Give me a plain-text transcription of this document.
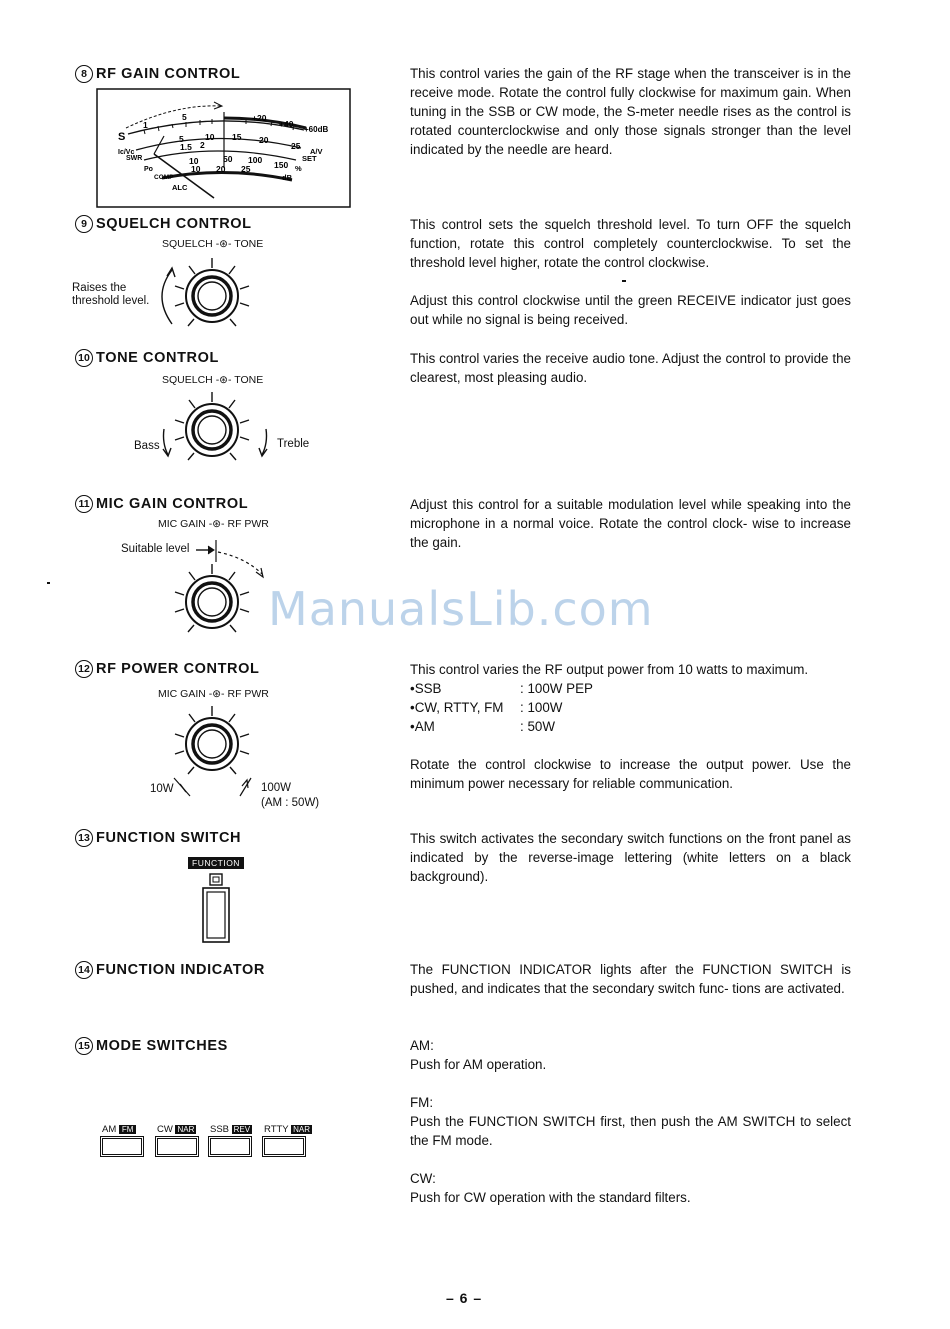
8 RF GAIN CONTROL	This control varies the gain of the RF stage when the transceiver is in the receive mode. Rotate the control fully clockwise for maximum gain. When tuning in the SSB or CW mode, the S-meter needle rises as the control is rotated counterclockwise and only those signals stronger than the level indicated by the needle are heard.

S
1
5	+20
+40
+60dB
Ic/Vc
5	10 15 20
25
A/V
SWR
1.5 2
SET
Po
10	50 100 150 %
COMP
10 20 25
dB
ALC
9 SQUELCH CONTROL	This control sets the squelch threshold level. To turn OFF the squelch function, rotate this control completely counterclockwise. To set the threshold level higher, rotate the control clockwise.

Adjust this control clockwise until the green RECEIVE indicator just goes out while no signal is being received.

SQUELCH -⊛- TONE
Raises the
threshold level.
10 TONE CONTROL	This control varies the receive audio tone. Adjust the control to provide the clearest, most pleasing audio.

SQUELCH -⊛- TONE
Bass	Treble
11 MIC GAIN CONTROL	Adjust this control for a suitable modulation level while speaking into the microphone in a normal voice. Rotate the control clock- wise to increase the gain.

MIC GAIN -⊛- RF PWR
Suitable level
ManualsLib.com
12 RF POWER CONTROL	This control varies the RF output power from 10 watts to maximum.

•SSB	: 100W PEP
•CW, RTTY, FM	: 100W
•AM	: 50W

Rotate the control clockwise to increase the output power. Use the minimum power necessary for reliable communication.

MIC GAIN -⊛- RF PWR
10W	100W
(AM : 50W)
13 FUNCTION SWITCH	This switch activates the secondary switch functions on the front panel as indicated by the reverse-image lettering (white letters on a black background).

FUNCTION
14 FUNCTION INDICATOR	The FUNCTION INDICATOR lights after the FUNCTION SWITCH is pushed, and indicates that the secondary switch func- tions are activated.

15 MODE SWITCHES	AM:

Push for AM operation.

FM:

Push the FUNCTION SWITCH first, then push the AM SWITCH to select the FM mode.

CW:

Push for CW operation with the standard filters.

AM FM	CW NAR SSB REV RTTY NAR
– 6 –
